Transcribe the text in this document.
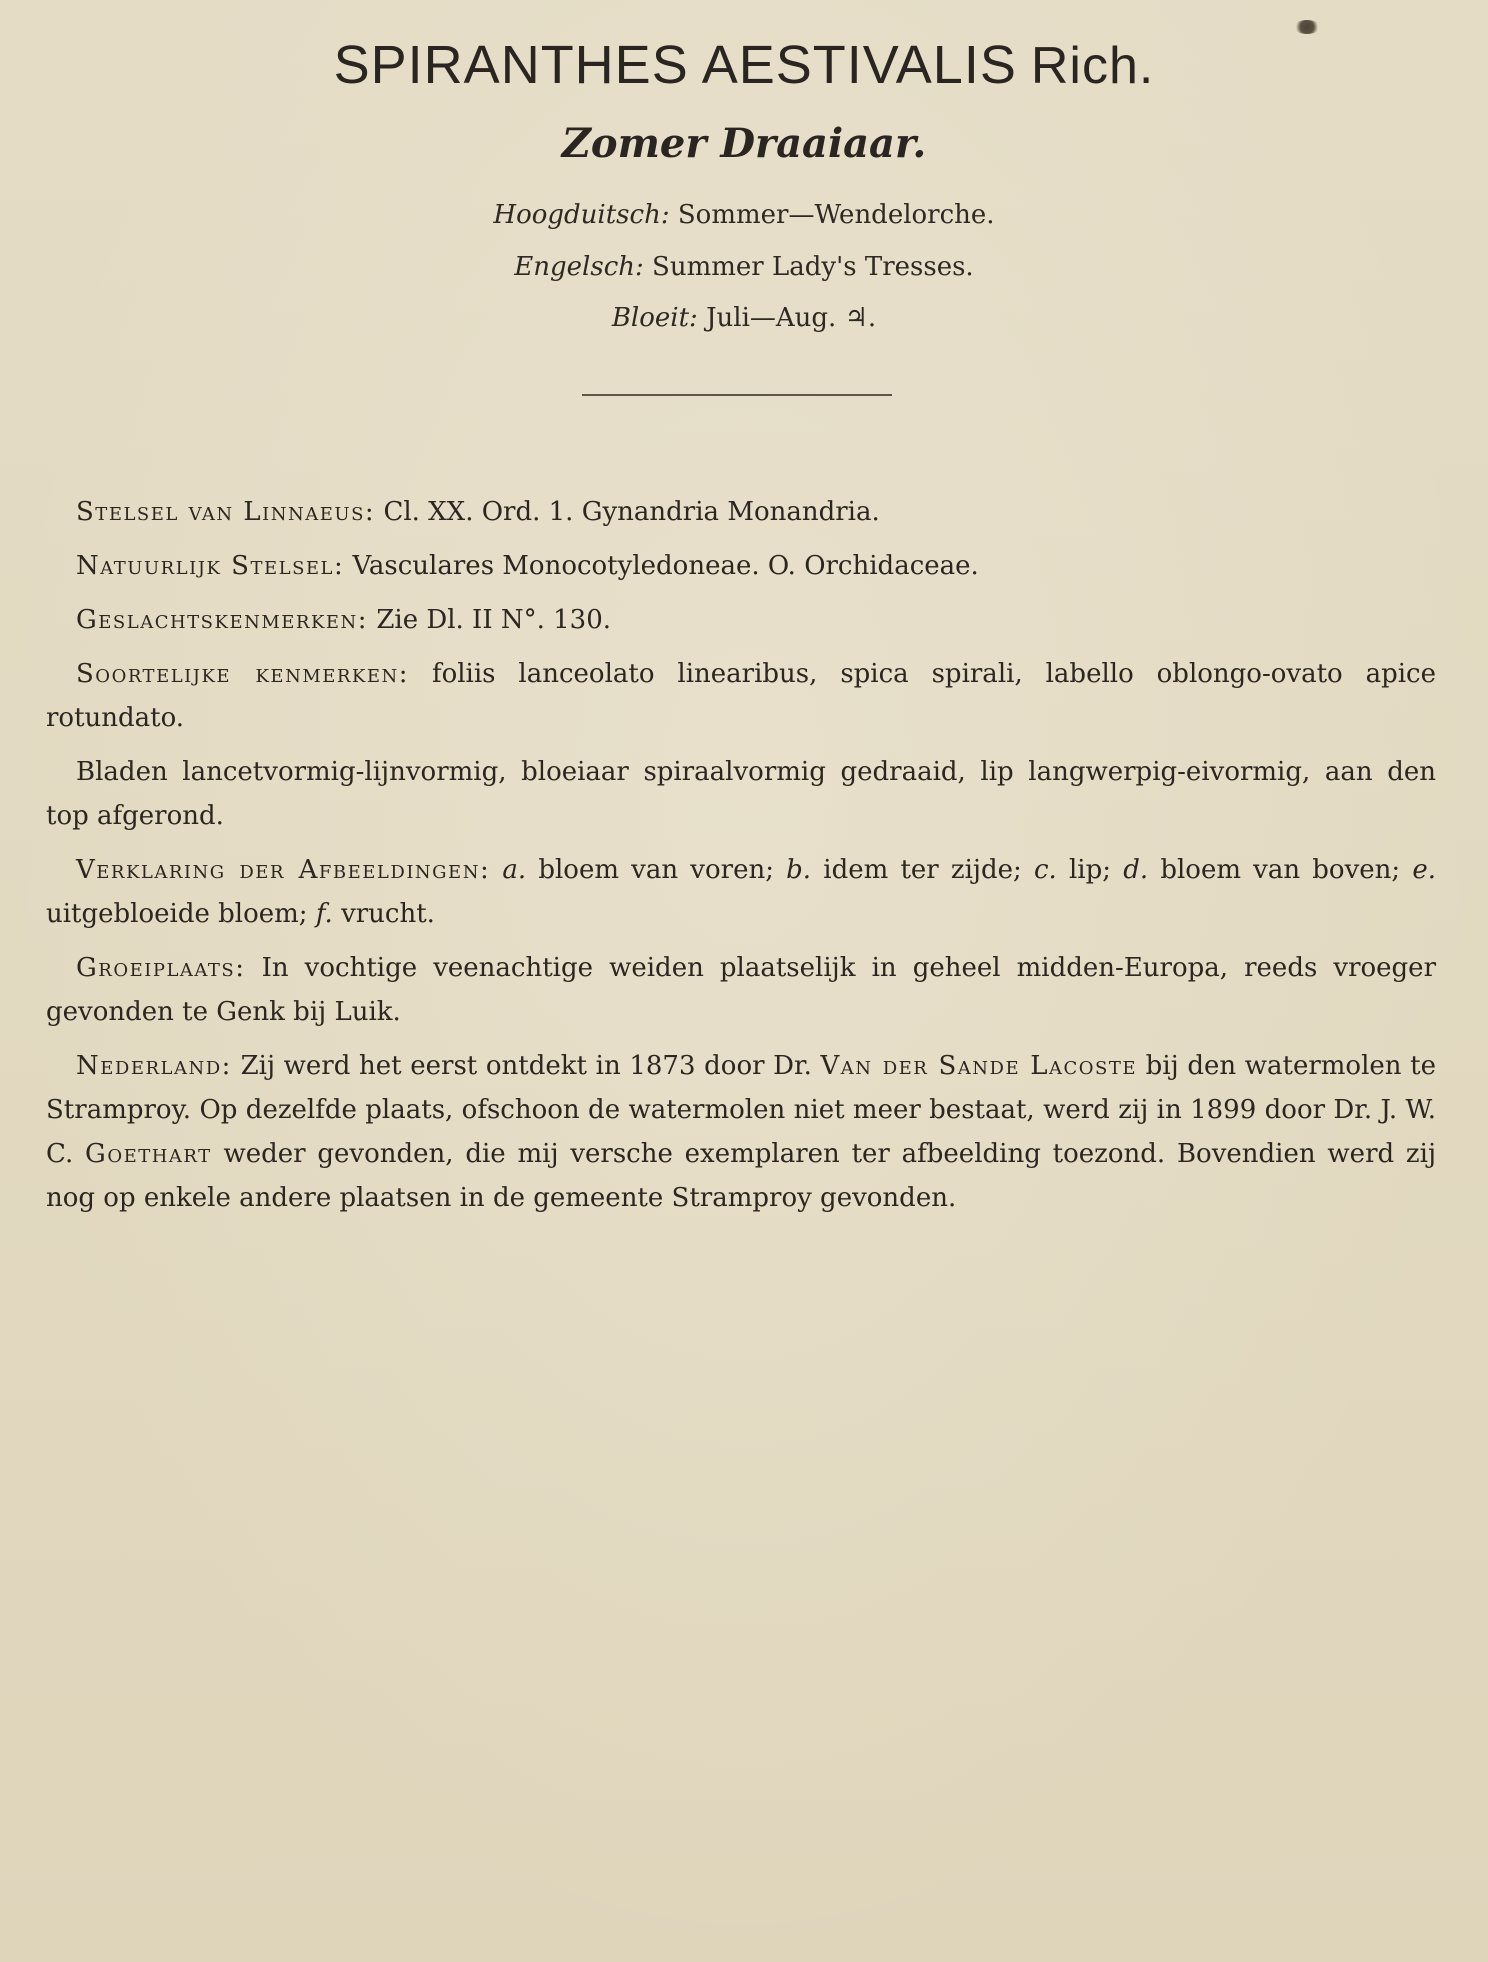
SPIRANTHES AESTIVALIS Rich.
Zomer Draaiaar.
Hoogduitsch: Sommer—Wendelorche.
Engelsch: Summer Lady's Tresses.
Bloeit: Juli—Aug. ♃.

Stelsel van Linnaeus: Cl. XX. Ord. 1. Gynandria Monandria.

Natuurlijk Stelsel: Vasculares Monocotyledoneae. O. Orchidaceae.

Geslachtskenmerken: Zie Dl. II N°. 130.

Soortelijke kenmerken: foliis lanceolato linearibus, spica spirali, labello oblongo-ovato apice rotundato.

Bladen lancetvormig-lijnvormig, bloeiaar spiraalvormig gedraaid, lip langwerpig-eivormig, aan den top afgerond.

Verklaring der Afbeeldingen: a. bloem van voren; b. idem ter zijde; c. lip; d. bloem van boven; e. uitgebloeide bloem; f. vrucht.

Groeiplaats: In vochtige veenachtige weiden plaatselijk in geheel midden-Europa, reeds vroeger gevonden te Genk bij Luik.

Nederland: Zij werd het eerst ontdekt in 1873 door Dr. Van der Sande Lacoste bij den watermolen te Stramproy. Op dezelfde plaats, ofschoon de watermolen niet meer bestaat, werd zij in 1899 door Dr. J. W. C. Goethart weder gevonden, die mij versche exemplaren ter afbeelding toezond. Bovendien werd zij nog op enkele andere plaatsen in de gemeente Stramproy gevonden.
